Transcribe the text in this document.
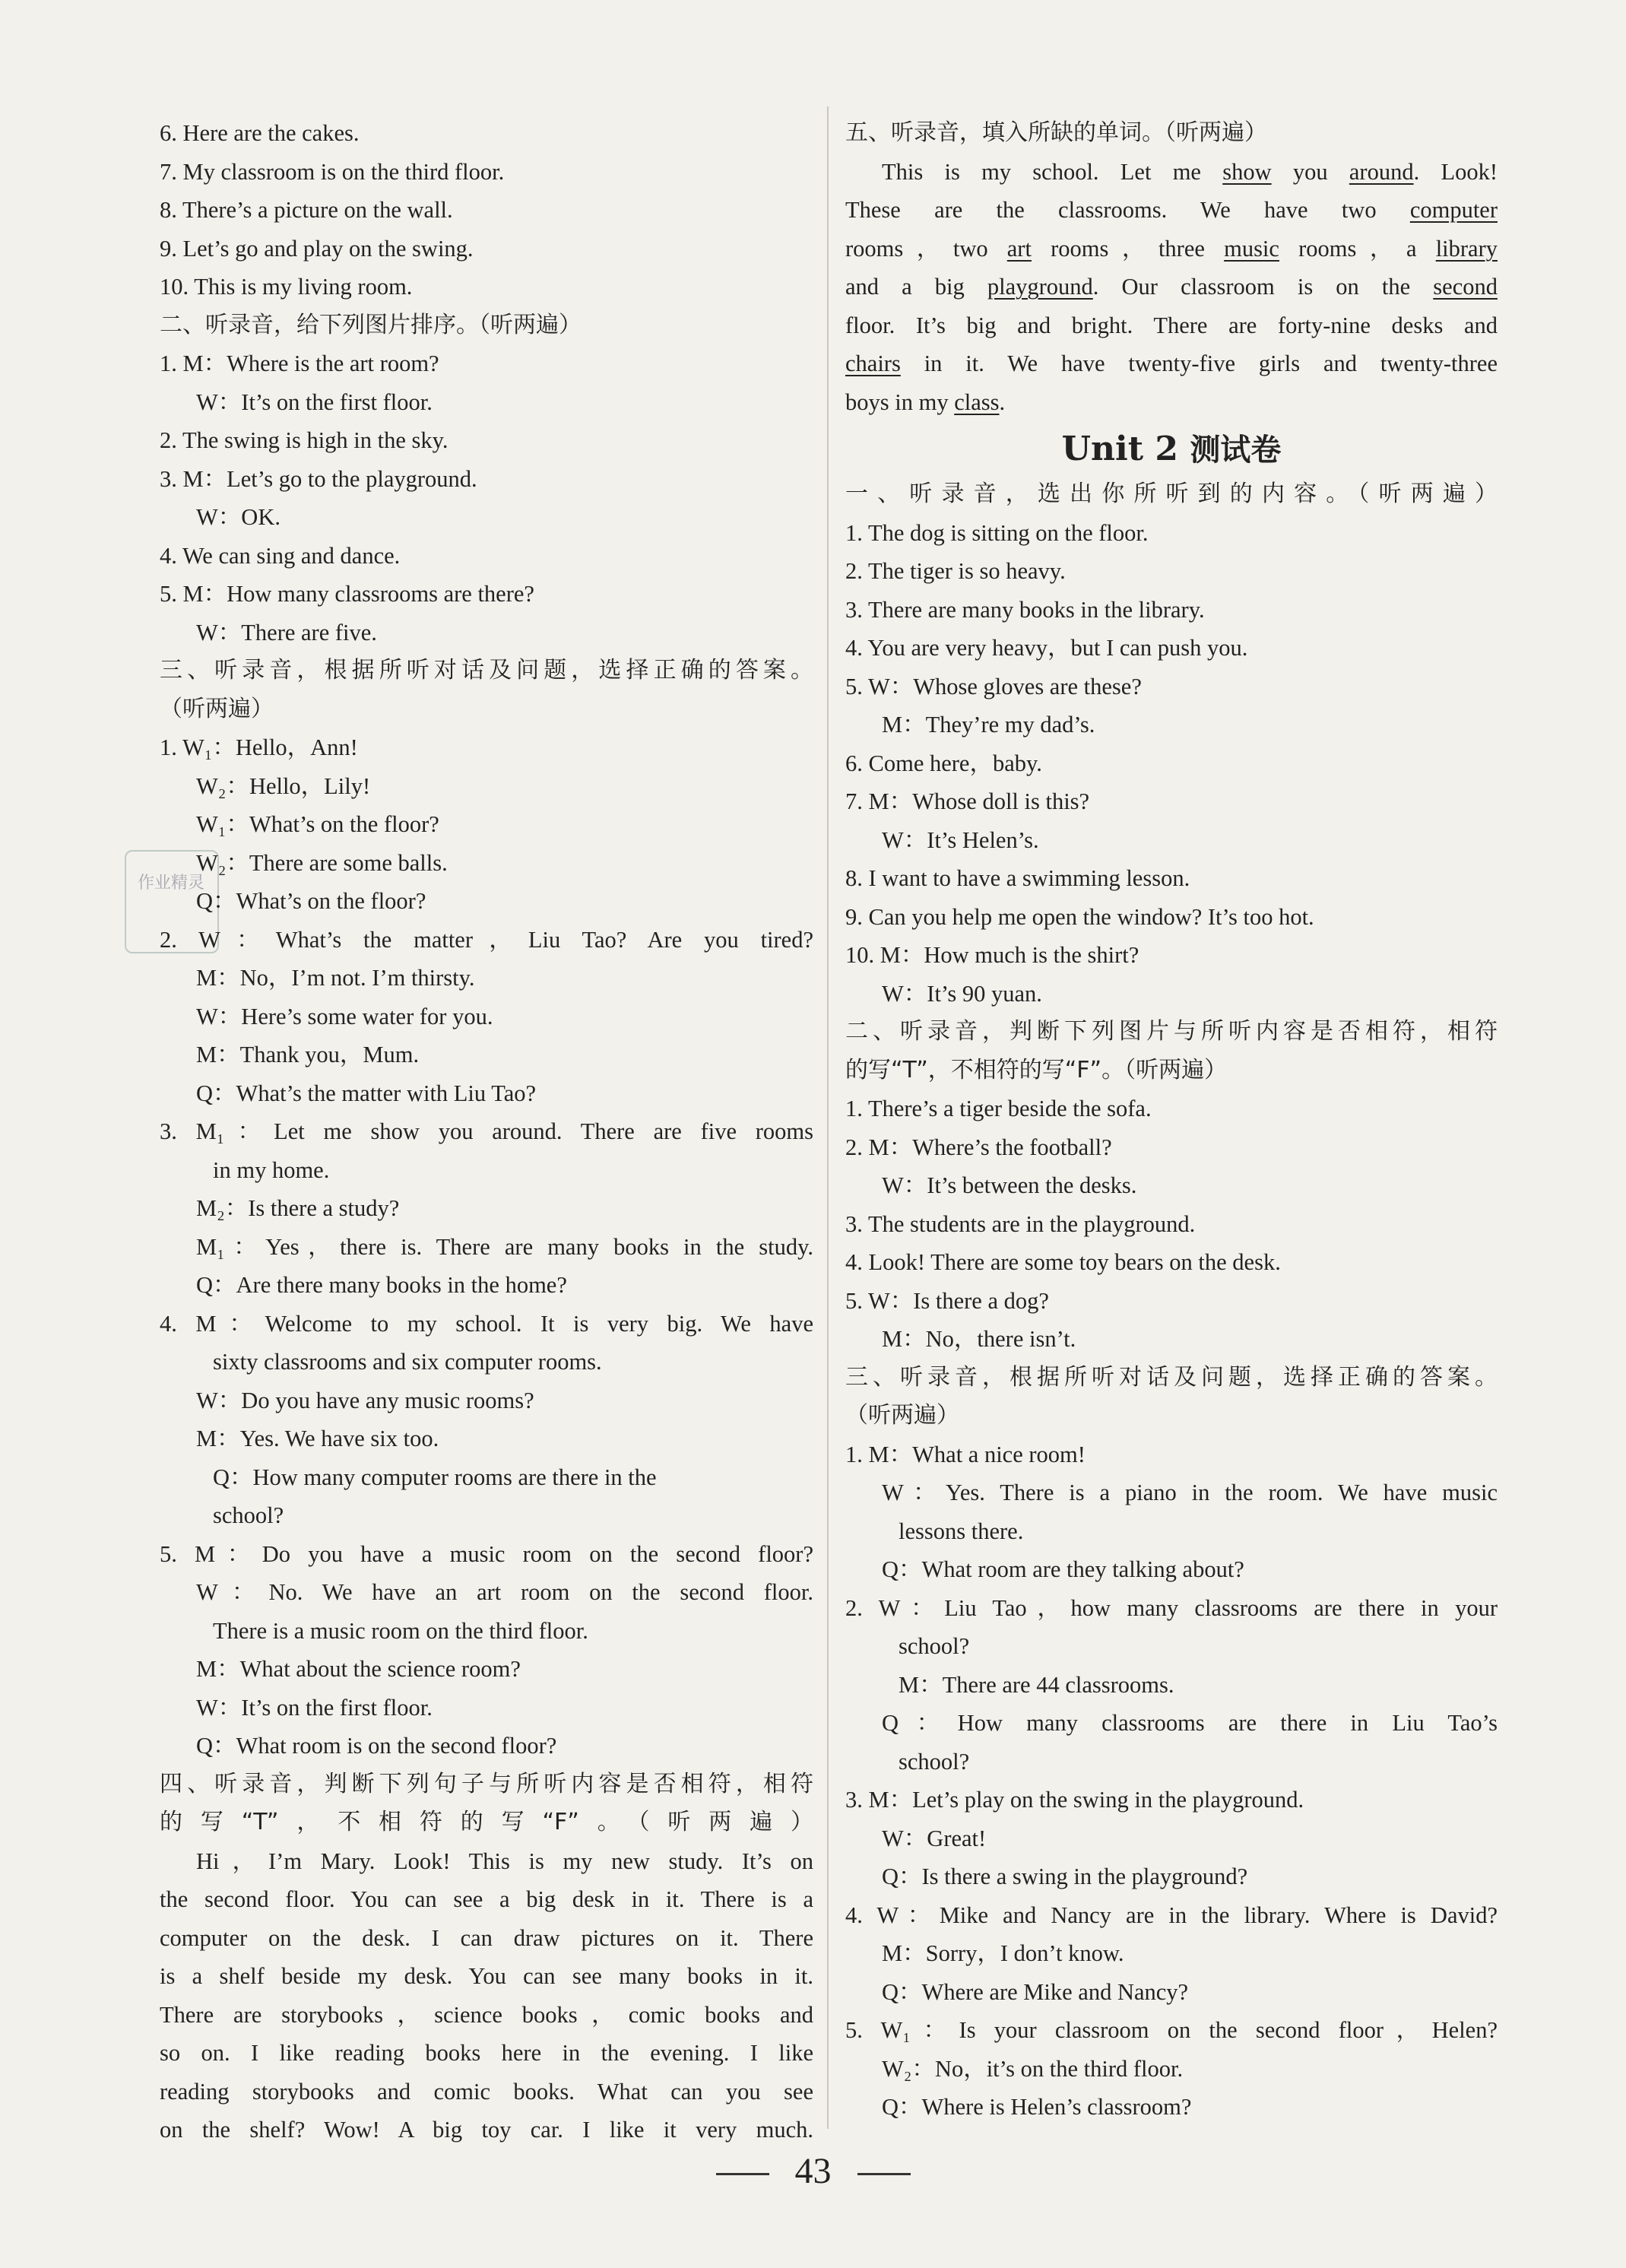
作业精灵
6. Here are the cakes.
7. My classroom is on the third floor.
8. There’s a picture on the wall.
9. Let’s go and play on the swing.
10. This is my living room.
二、听录音，给下列图片排序。（听两遍）
1. M：Where is the art room?
W：It’s on the first floor.
2. The swing is high in the sky.
3. M：Let’s go to the playground.
W：OK.
4. We can sing and dance.
5. M：How many classrooms are there?
W：There are five.
三、听录音，根据所听对话及问题，选择正确的答案。
（听两遍）
1. W₁：Hello，Ann!
W₂：Hello，Lily!
W₁：What’s on the floor?
W₂：There are some balls.
Q：What’s on the floor?
2. W：What’s the matter，Liu Tao? Are you tired?
M：No，I’m not. I’m thirsty.
W：Here’s some water for you.
M：Thank you，Mum.
Q：What’s the matter with Liu Tao?
3. M₁：Let me show you around. There are five rooms
in my home.
M₂：Is there a study?
M₁：Yes，there is. There are many books in the study.
Q：Are there many books in the home?
4. M：Welcome to my school. It is very big. We have
sixty classrooms and six computer rooms.
W：Do you have any music rooms?
M：Yes. We have six too.
Q：How many computer rooms are there in the
school?
5. M：Do you have a music room on the second floor?
W：No. We have an art room on the second floor.
There is a music room on the third floor.
M：What about the science room?
W：It’s on the first floor.
Q：What room is on the second floor?
四、听录音，判断下列句子与所听内容是否相符，相符
的写“T”，不相符的写“F”。（听两遍）
Hi，I’m Mary. Look! This is my new study. It’s on
the second floor. You can see a big desk in it. There is a
computer on the desk. I can draw pictures on it. There
is a shelf beside my desk. You can see many books in it.
There are storybooks，science books，comic books and
so on. I like reading books here in the evening. I like
reading storybooks and comic books. What can you see
on the shelf? Wow! A big toy car. I like it very much.
五、听录音，填入所缺的单词。（听两遍）
This is my school. Let me show you around. Look!
These are the classrooms. We have two computer
rooms，two art rooms，three music rooms，a library
and a big playground. Our classroom is on the second
floor. It’s big and bright. There are forty-nine desks and
chairs in it. We have twenty-five girls and twenty-three
boys in my class.
Unit 2 测试卷
一、听录音，选出你所听到的内容。（听两遍）
1. The dog is sitting on the floor.
2. The tiger is so heavy.
3. There are many books in the library.
4. You are very heavy，but I can push you.
5. W：Whose gloves are these?
M：They’re my dad’s.
6. Come here，baby.
7. M：Whose doll is this?
W：It’s Helen’s.
8. I want to have a swimming lesson.
9. Can you help me open the window? It’s too hot.
10. M：How much is the shirt?
W：It’s 90 yuan.
二、听录音，判断下列图片与所听内容是否相符，相符
的写“T”，不相符的写“F”。（听两遍）
1. There’s a tiger beside the sofa.
2. M：Where’s the football?
W：It’s between the desks.
3. The students are in the playground.
4. Look! There are some toy bears on the desk.
5. W：Is there a dog?
M：No，there isn’t.
三、听录音，根据所听对话及问题，选择正确的答案。
（听两遍）
1. M：What a nice room!
W：Yes. There is a piano in the room. We have music
lessons there.
Q：What room are they talking about?
2. W：Liu Tao，how many classrooms are there in your
school?
M：There are 44 classrooms.
Q：How many classrooms are there in Liu Tao’s
school?
3. M：Let’s play on the swing in the playground.
W：Great!
Q：Is there a swing in the playground?
4. W：Mike and Nancy are in the library. Where is David?
M：Sorry，I don’t know.
Q：Where are Mike and Nancy?
5. W₁：Is your classroom on the second floor，Helen?
W₂：No，it’s on the third floor.
Q：Where is Helen’s classroom?
43
